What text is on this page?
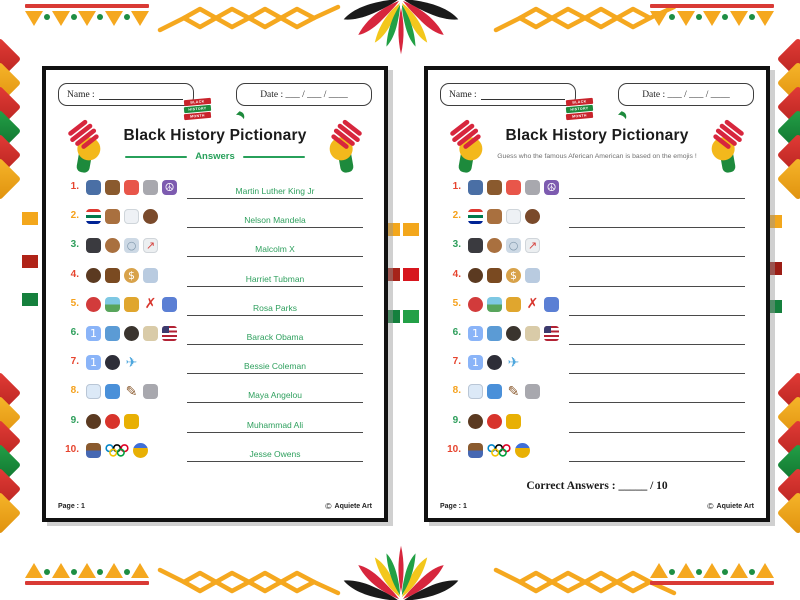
Name :
BLACK
HISTORY
MONTH
Date : ___ / ___ / ____
Black History Pictionary
Answers
1.	☮	Martin Luther King Jr
2.	Nelson Mandela
3.	○ ↗	Malcolm X
4.	$	Harriet Tubman
5.	✗	Rosa Parks
6.	1	Barack Obama
7.	1 ✈	Bessie Coleman
8.	✎	Maya Angelou
9.	Muhammad Ali
10.	Jesse Owens
Page : 1	© Aquiete Art
Name :
BLACK
HISTORY
MONTH
Date : ___ / ___ / ____
Black History Pictionary
Guess who the famous Aferican American is based on the emojis !
1.	☮
2.
3.	○ ↗
4.	$
5.	✗
6.	1
7.	1 ✈
8.	✎
9.
10.
Correct Answers : _____ / 10
Page : 1	© Aquiete Art
